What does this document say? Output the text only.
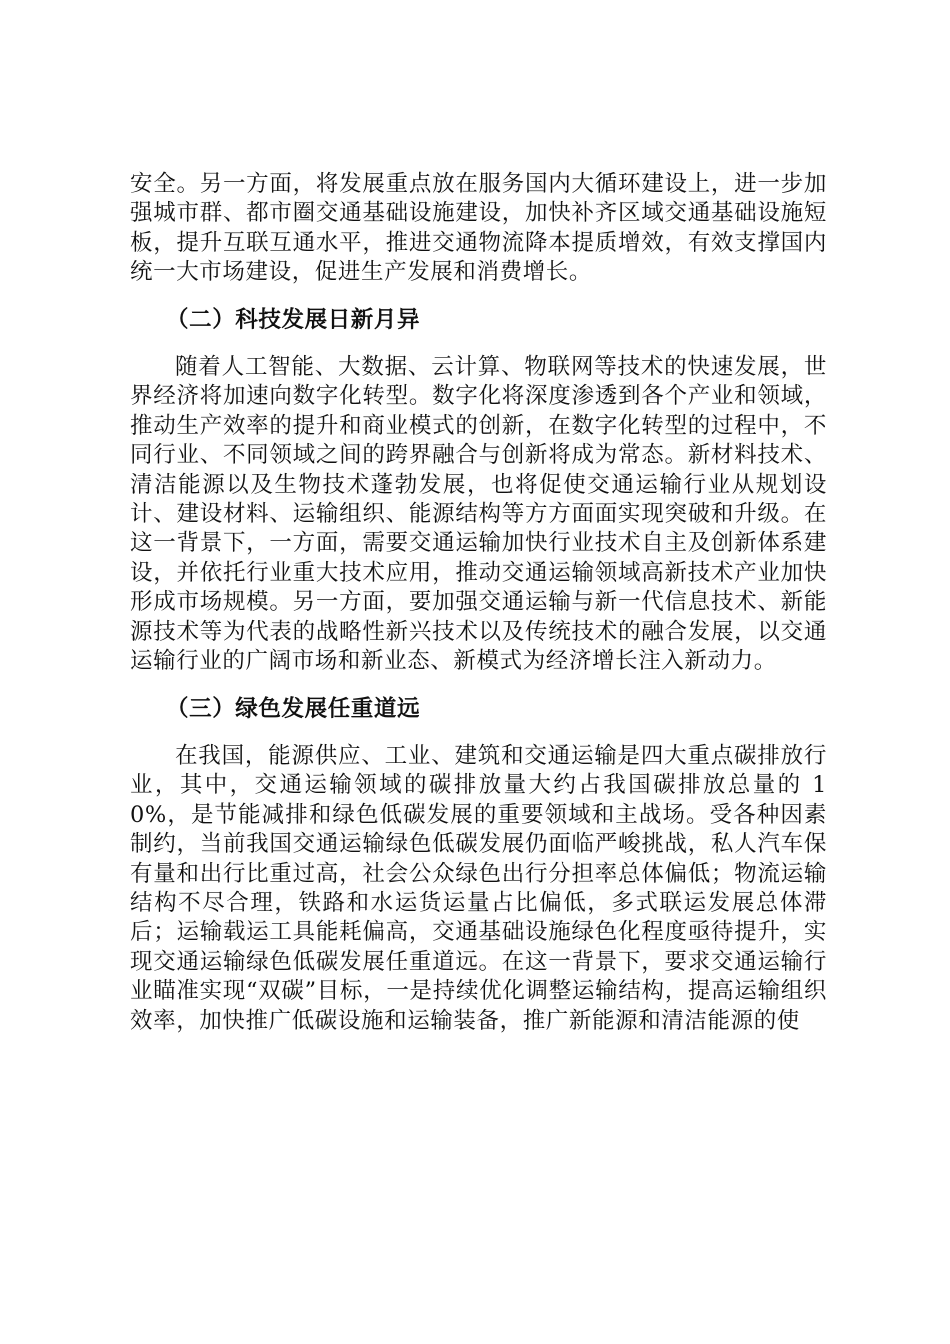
安全。另一方面，将发展重点放在服务国内大循环建设上，进一步加强城市群、都市圈交通基础设施建设，加快补齐区域交通基础设施短板，提升互联互通水平，推进交通物流降本提质增效，有效支撑国内统一大市场建设，促进生产发展和消费增长。

（二）科技发展日新月异

随着人工智能、大数据、云计算、物联网等技术的快速发展，世界经济将加速向数字化转型。数字化将深度渗透到各个产业和领域，推动生产效率的提升和商业模式的创新，在数字化转型的过程中，不同行业、不同领域之间的跨界融合与创新将成为常态。新材料技术、清洁能源以及生物技术蓬勃发展，也将促使交通运输行业从规划设计、建设材料、运输组织、能源结构等方方面面实现突破和升级。在这一背景下，一方面，需要交通运输加快行业技术自主及创新体系建设，并依托行业重大技术应用，推动交通运输领域高新技术产业加快形成市场规模。另一方面，要加强交通运输与新一代信息技术、新能源技术等为代表的战略性新兴技术以及传统技术的融合发展，以交通运输行业的广阔市场和新业态、新模式为经济增长注入新动力。

（三）绿色发展任重道远

在我国，能源供应、工业、建筑和交通运输是四大重点碳排放行业，其中，交通运输领域的碳排放量大约占我国碳排放总量的 10%，是节能减排和绿色低碳发展的重要领域和主战场。受各种因素制约，当前我国交通运输绿色低碳发展仍面临严峻挑战，私人汽车保有量和出行比重过高，社会公众绿色出行分担率总体偏低；物流运输结构不尽合理，铁路和水运货运量占比偏低，多式联运发展总体滞后；运输载运工具能耗偏高，交通基础设施绿色化程度亟待提升，实现交通运输绿色低碳发展任重道远。在这一背景下，要求交通运输行业瞄准实现“双碳”目标，一是持续优化调整运输结构，提高运输组织效率，加快推广低碳设施和运输装备，推广新能源和清洁能源的使
